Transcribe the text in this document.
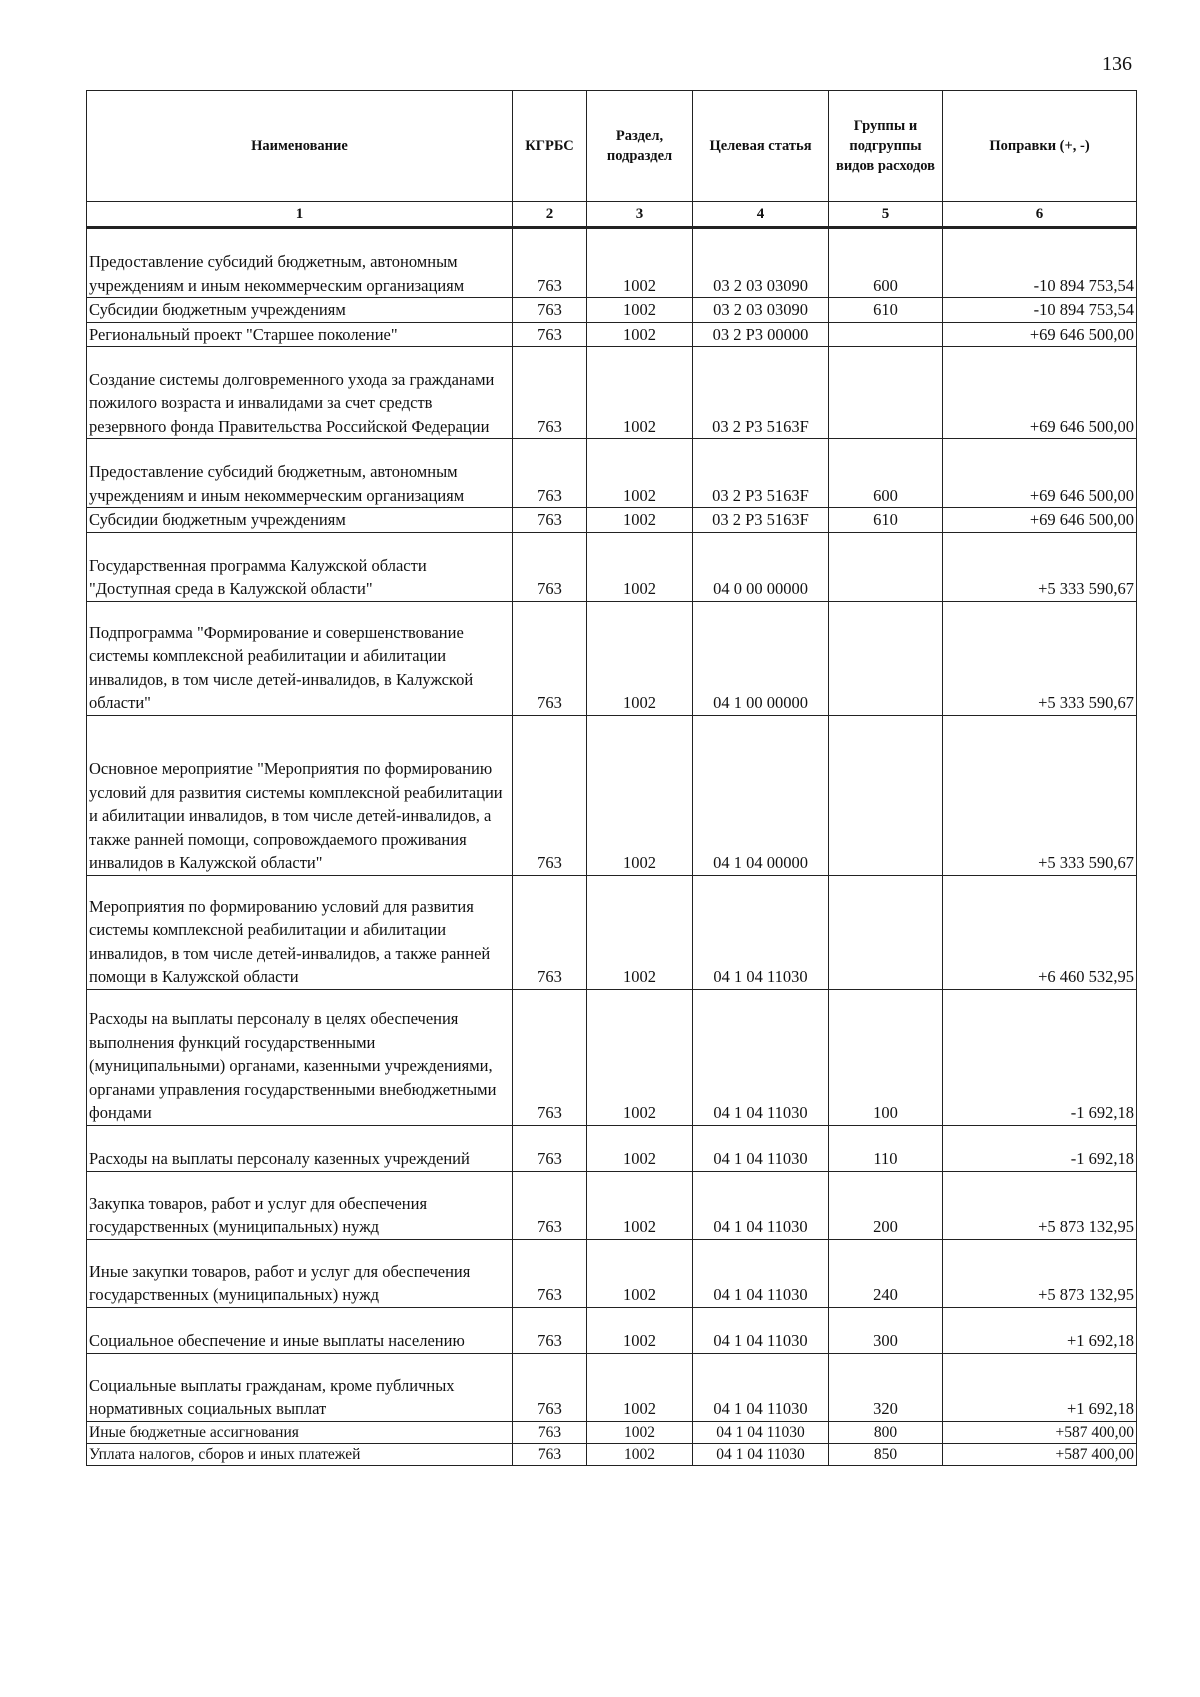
136
Наименование	КГРБС	Раздел, подраздел	Целевая статья	Группы и подгруппы видов расходов	Поправки (+, -)
1	2	3	4	5	6
Предоставление субсидий бюджетным, автономным учреждениям и иным некоммерческим организациям	763	1002	03 2 03 03090	600	-10 894 753,54
Субсидии бюджетным учреждениям	763	1002	03 2 03 03090	610	-10 894 753,54
Региональный проект "Старшее поколение"	763	1002	03 2 P3 00000		+69 646 500,00
Создание системы долговременного ухода за гражданами пожилого возраста и инвалидами за счет средств резервного фонда Правительства Российской Федерации	763	1002	03 2 P3 5163F		+69 646 500,00
Предоставление субсидий бюджетным, автономным учреждениям и иным некоммерческим организациям	763	1002	03 2 P3 5163F	600	+69 646 500,00
Субсидии бюджетным учреждениям	763	1002	03 2 P3 5163F	610	+69 646 500,00
Государственная программа Калужской области "Доступная среда в Калужской области"	763	1002	04 0 00 00000		+5 333 590,67
Подпрограмма "Формирование и совершенствование системы комплексной реабилитации и абилитации инвалидов, в том числе детей-инвалидов, в Калужской области"	763	1002	04 1 00 00000		+5 333 590,67
Основное мероприятие "Мероприятия по формированию условий для развития системы комплексной реабилитации и абилитации инвалидов, в том числе детей-инвалидов, а также ранней помощи, сопровождаемого проживания инвалидов в Калужской области"	763	1002	04 1 04 00000		+5 333 590,67
Мероприятия по формированию условий для развития системы комплексной реабилитации и абилитации инвалидов, в том числе детей-инвалидов, а также ранней помощи в Калужской области	763	1002	04 1 04 11030		+6 460 532,95
Расходы на выплаты персоналу в целях обеспечения выполнения функций государственными (муниципальными) органами, казенными учреждениями, органами управления государственными внебюджетными фондами	763	1002	04 1 04 11030	100	-1 692,18
Расходы на выплаты персоналу казенных учреждений	763	1002	04 1 04 11030	110	-1 692,18
Закупка товаров, работ и услуг для обеспечения государственных (муниципальных) нужд	763	1002	04 1 04 11030	200	+5 873 132,95
Иные закупки товаров, работ и услуг для обеспечения государственных (муниципальных) нужд	763	1002	04 1 04 11030	240	+5 873 132,95
Социальное обеспечение и иные выплаты населению	763	1002	04 1 04 11030	300	+1 692,18
Социальные выплаты гражданам, кроме публичных нормативных социальных выплат	763	1002	04 1 04 11030	320	+1 692,18
Иные бюджетные ассигнования	763	1002	04 1 04 11030	800	+587 400,00
Уплата налогов, сборов и иных платежей	763	1002	04 1 04 11030	850	+587 400,00
